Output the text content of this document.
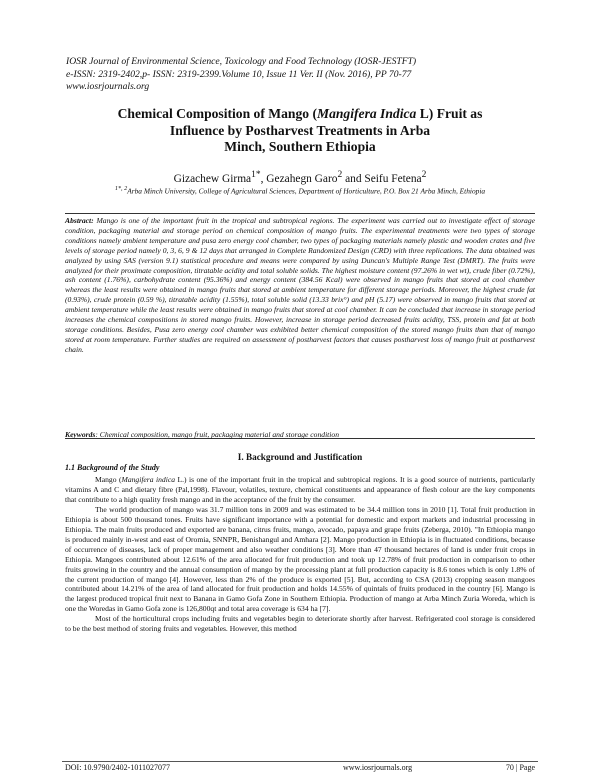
IOSR Journal of Environmental Science, Toxicology and Food Technology (IOSR-JESTFT)
e-ISSN: 2319-2402,p- ISSN: 2319-2399.Volume 10, Issue 11 Ver. II (Nov. 2016), PP 70-77
www.iosrjournals.org
Chemical Composition of Mango (Mangifera Indica L) Fruit as
Influence by Postharvest Treatments in Arba
Minch, Southern Ethiopia
Gizachew Girma$^{1*}$, Gezahegn Garo$^2$ and Seifu Fetena$^2$
$^{1*, 2}$Arba Minch University, College of Agricultural Sciences, Department of Horticulture, P.O. Box 21 Arba Minch, Ethiopia

Abstract: Mango is one of the important fruit in the tropical and subtropical regions. The experiment was carried out to investigate effect of storage condition, packaging material and storage period on chemical composition of mango fruits. The experimental treatments were two types of storage conditions namely ambient temperature and pusa zero energy cool chamber, two types of packaging materials namely plastic and wooden crates and five levels of storage period namely 0, 3, 6, 9 & 12 days that arranged in Complete Randomized Design (CRD) with three replications. The data obtained was analyzed by using SAS (version 9.1) statistical procedure and means were compared by using Duncan's Multiple Range Test (DMRT). The fruits were analyzed for their proximate composition, titratable acidity and total soluble solids. The highest moisture content (97.26% in wet wt), crude fiber (0.72%), ash content (1.76%), carbohydrate content (95.36%) and energy content (384.56 Kcal) were observed in mango fruits that stored at cool chamber whereas the least results were obtained in mango fruits that stored at ambient temperature for different storage periods. Moreover, the highest crude fat (0.93%), crude protein (0.59 %), titratable acidity (1.55%), total soluble solid (13.33 brix°) and pH (5.17) were observed in mango fruits that stored at ambient temperature while the least results were obtained in mango fruits that stored at cool chamber. It can be concluded that increase in storage period increases the chemical compositions in stored mango fruits. However, increase in storage period decreased fruits acidity, TSS, protein and fat at both storage conditions. Besides, Pusa zero energy cool chamber was exhibited better chemical composition of the stored mango fruits than that of mango stored at room temperature. Further studies are required on assessment of postharvest factors that causes postharvest loss of mango fruit at postharvest chain.

Keywords: Chemical composition, mango fruit, packaging material and storage condition
I. Background and Justification
1.1 Background of the Study

Mango (Mangifera indica L.) is one of the important fruit in the tropical and subtropical regions. It is a good source of nutrients, particularly vitamins A and C and dietary fibre (Pal,1998). Flavour, volatiles, texture, chemical constituents and appearance of flesh colour are the key components that contribute to a high quality fresh mango and in the acceptance of the fruit by the consumer.

The world production of mango was 31.7 million tons in 2009 and was estimated to be 34.4 million tons in 2010 [1]. Total fruit production in Ethiopia is about 500 thousand tones. Fruits have significant importance with a potential for domestic and export markets and industrial processing in Ethiopia. The main fruits produced and exported are banana, citrus fruits, mango, avocado, papaya and grape fruits (Zeberga, 2010). "In Ethiopia mango is produced mainly in-west and east of Oromia, SNNPR, Benishangul and Amhara [2]. Mango production in Ethiopia is in fluctuated conditions, because of occurrence of diseases, lack of proper management and also weather conditions [3]. More than 47 thousand hectares of land is under fruit crops in Ethiopia. Mangoes contributed about 12.61% of the area allocated for fruit production and took up 12.78% of fruit production in comparison to other fruits growing in the country and the annual consumption of mango by the processing plant at full production capacity is 8.6 tones which is only 1.8% of the current production of mango [4]. However, less than 2% of the produce is exported [5]. But, according to CSA (2013) cropping season mangoes contributed about 14.21% of the area of land allocated for fruit production and holds 14.55% of quintals of fruits produced in the country [6]. Mango is the largest produced tropical fruit next to Banana in Gamo Gofa Zone in Southern Ethiopia. Production of mango at Arba Minch Zuria Woreda, which is one the Woredas in Gamo Gofa zone is 126,800qt and total area coverage is 634 ha [7].

Most of the horticultural crops including fruits and vegetables begin to deteriorate shortly after harvest. Refrigerated cool storage is considered to be the best method of storing fruits and vegetables. However, this method

DOI: 10.9790/2402-1011027077	www.iosrjournals.org	70 | Page
